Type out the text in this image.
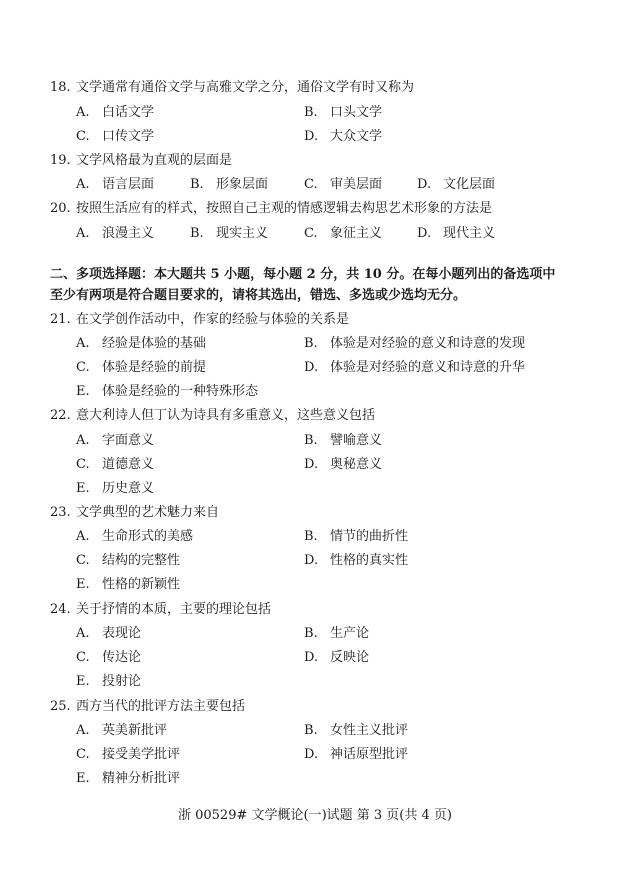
18. 文学通常有通俗文学与高雅文学之分，通俗文学有时又称为
A. 白话文学	B. 口头文学
C. 口传文学	D. 大众文学
19. 文学风格最为直观的层面是
A. 语言层面	B. 形象层面	C. 审美层面	D. 文化层面
20. 按照生活应有的样式，按照自己主观的情感逻辑去构思艺术形象的方法是
A. 浪漫主义	B. 现实主义	C. 象征主义	D. 现代主义
二、多项选择题：本大题共 5 小题，每小题 2 分，共 10 分。在每小题列出的备选项中
至少有两项是符合题目要求的，请将其选出，错选、多选或少选均无分。
21. 在文学创作活动中，作家的经验与体验的关系是
A. 经验是体验的基础	B. 体验是对经验的意义和诗意的发现
C. 体验是经验的前提	D. 体验是对经验的意义和诗意的升华
E. 体验是经验的一种特殊形态
22. 意大利诗人但丁认为诗具有多重意义，这些意义包括
A. 字面意义	B. 譬喻意义
C. 道德意义	D. 奥秘意义
E. 历史意义
23. 文学典型的艺术魅力来自
A. 生命形式的美感	B. 情节的曲折性
C. 结构的完整性	D. 性格的真实性
E. 性格的新颖性
24. 关于抒情的本质，主要的理论包括
A. 表现论	B. 生产论
C. 传达论	D. 反映论
E. 投射论
25. 西方当代的批评方法主要包括
A. 英美新批评	B. 女性主义批评
C. 接受美学批评	D. 神话原型批评
E. 精神分析批评
浙 00529# 文学概论(一)试题 第 3 页(共 4 页)
